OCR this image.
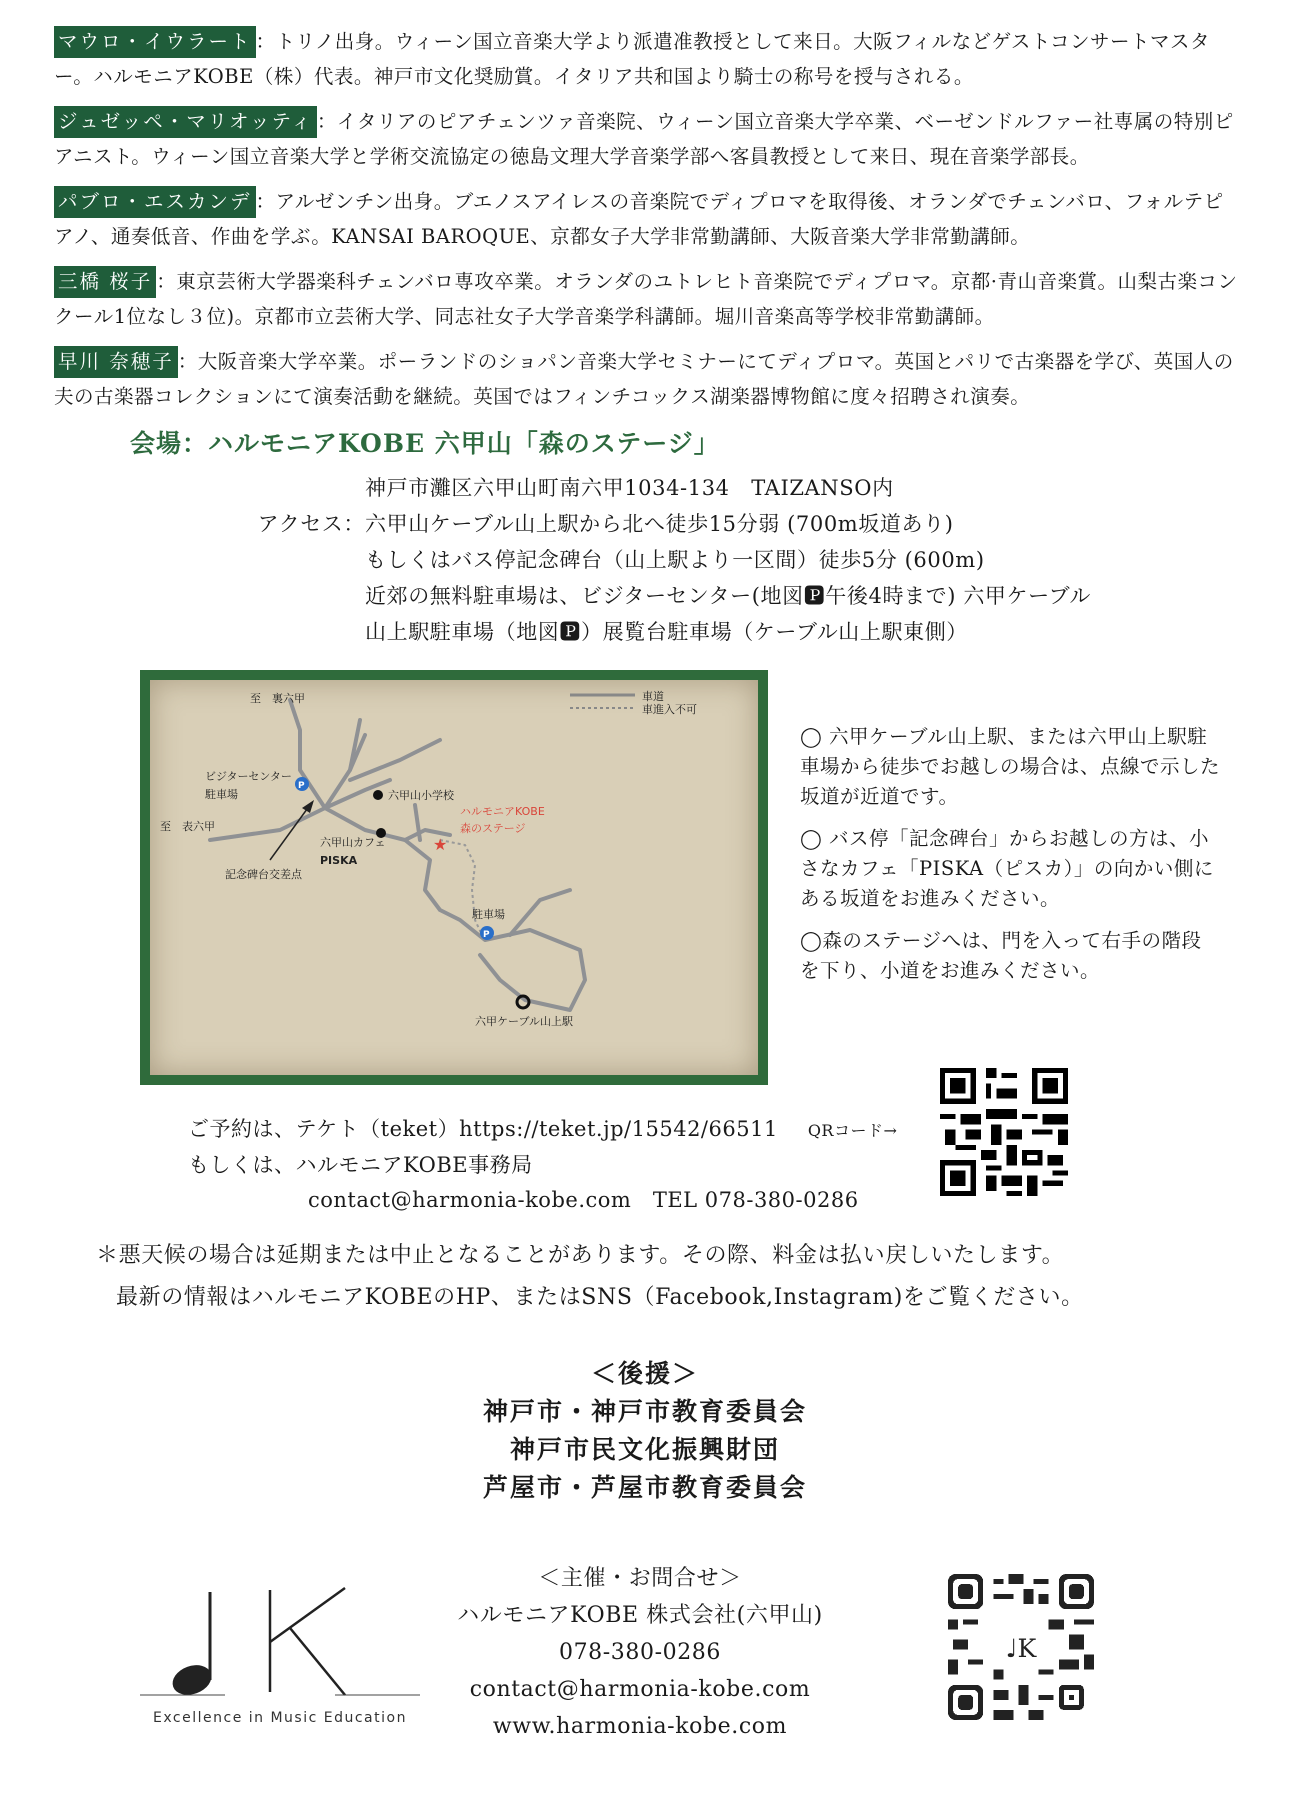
マウロ・イウラート ：トリノ出身。ウィーン国立音楽大学より派遣准教授として来日。大阪フィルなどゲストコンサートマスター。ハルモニアKOBE（株）代表。神戸市文化奨励賞。イタリア共和国より騎士の称号を授与される。

ジュゼッペ・マリオッティ ：イタリアのピアチェンツァ音楽院、ウィーン国立音楽大学卒業、ベーゼンドルファー社専属の特別ピアニスト。ウィーン国立音楽大学と学術交流協定の徳島文理大学音楽学部へ客員教授として来日、現在音楽学部長。

パブロ・エスカンデ ：アルゼンチン出身。ブエノスアイレスの音楽院でディプロマを取得後、オランダでチェンバロ、フォルテピアノ、通奏低音、作曲を学ぶ。KANSAI BAROQUE、京都女子大学非常勤講師、大阪音楽大学非常勤講師。

三橋 桜子 ：東京芸術大学器楽科チェンバロ専攻卒業。オランダのユトレヒト音楽院でディプロマ。京都·青山音楽賞。山梨古楽コンクール1位なし３位)。京都市立芸術大学、同志社女子大学音楽学科講師。堀川音楽高等学校非常勤講師。

早川 奈穂子 ：大阪音楽大学卒業。ポーランドのショパン音楽大学セミナーにてディプロマ。英国とパリで古楽器を学び、英国人の夫の古楽器コレクションにて演奏活動を継続。英国ではフィンチコックス湖楽器博物館に度々招聘され演奏。

会場：ハルモニアKOBE 六甲山「森のステージ」
神戸市灘区六甲山町南六甲1034-134　TAIZANSO内
アクセス： 六甲山ケーブル山上駅から北へ徒歩15分弱 (700m坂道あり)
もしくはバス停記念碑台（山上駅より一区間）徒歩5分 (600m)
近郊の無料駐車場は、ビジターセンター(地図🅿午後4時まで) 六甲ケーブル
山上駅駐車場（地図🅿）展覧台駐車場（ケーブル山上駅東側）
車道
車進入不可
至　裏六甲
至　表六甲
ビジターセンター
駐車場
P
六甲山小学校
ハルモニアKOBE
森のステージ
★
六甲山カフェ
PISKA
記念碑台交差点
駐車場
P
六甲ケーブル山上駅

◯ 六甲ケーブル山上駅、または六甲山上駅駐車場から徒歩でお越しの場合は、点線で示した坂道が近道です。

◯ バス停「記念碑台」からお越しの方は、小さなカフェ「PISKA（ピスカ）」の向かい側にある坂道をお進みください。

◯森のステージへは、門を入って右手の階段を下り、小道をお進みください。

ご予約は、テケト（teket）https://teket.jp/15542/66511 QRコード→
もしくは、ハルモニアKOBE事務局
contact@harmonia-kobe.com　TEL 078-380-0286
＊悪天候の場合は延期または中止となることがあります。その際、料金は払い戻しいたします。
最新の情報はハルモニアKOBEのHP、またはSNS（Facebook,Instagram)をご覧ください。
＜後援＞
神戸市・神戸市教育委員会
神戸市民文化振興財団
芦屋市・芦屋市教育委員会
Excellence in Music Education
＜主催・お問合せ＞
ハルモニアKOBE 株式会社(六甲山)
078-380-0286
contact@harmonia-kobe.com
www.harmonia-kobe.com
♩K
